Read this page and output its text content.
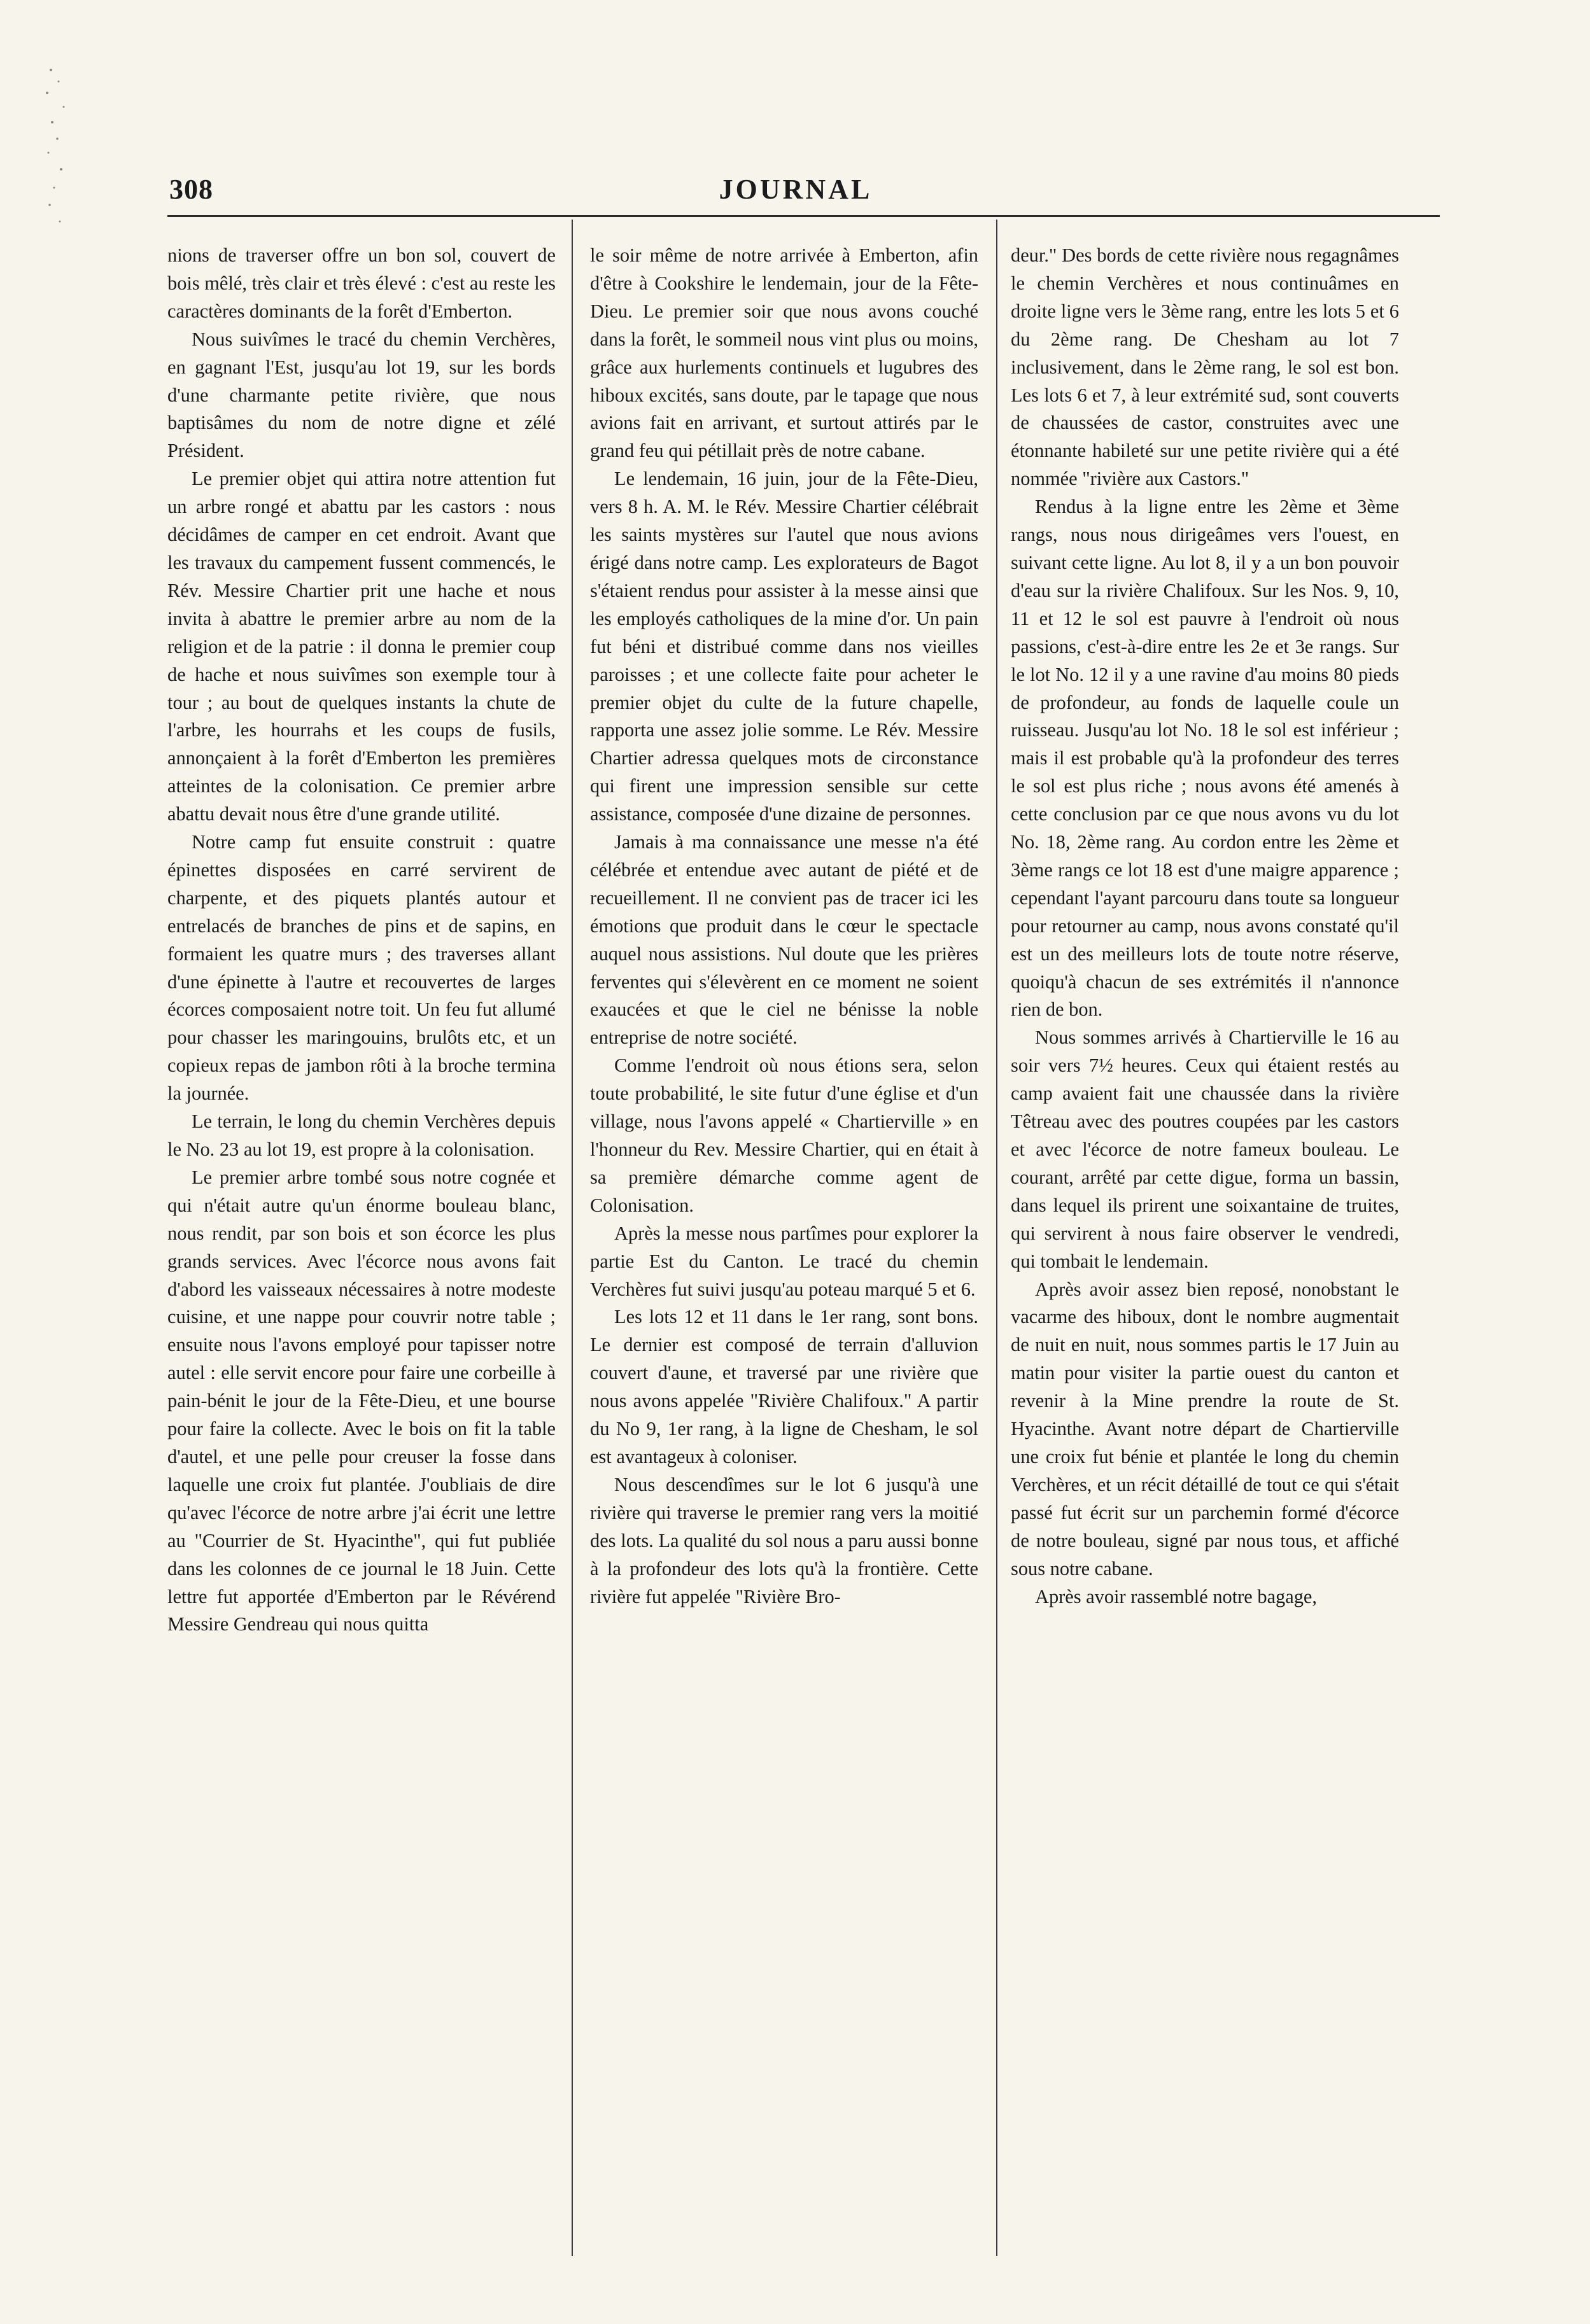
308	JOURNAL

nions de traverser offre un bon sol, couvert de bois mêlé, très clair et très élevé : c'est au reste les caractères dominants de la forêt d'Emberton.

Nous suivîmes le tracé du chemin Verchères, en gagnant l'Est, jusqu'au lot 19, sur les bords d'une charmante petite rivière, que nous baptisâmes du nom de notre digne et zélé Président.

Le premier objet qui attira notre attention fut un arbre rongé et abattu par les castors : nous décidâmes de camper en cet endroit. Avant que les travaux du campement fussent commencés, le Rév. Messire Chartier prit une hache et nous invita à abattre le premier arbre au nom de la religion et de la patrie : il donna le premier coup de hache et nous suivîmes son exemple tour à tour ; au bout de quelques instants la chute de l'arbre, les hourrahs et les coups de fusils, annonçaient à la forêt d'Emberton les premières atteintes de la colonisation. Ce premier arbre abattu devait nous être d'une grande utilité.

Notre camp fut ensuite construit : quatre épinettes disposées en carré servirent de charpente, et des piquets plantés autour et entrelacés de branches de pins et de sapins, en formaient les quatre murs ; des traverses allant d'une épinette à l'autre et recouvertes de larges écorces composaient notre toit. Un feu fut allumé pour chasser les maringouins, brulôts etc, et un copieux repas de jambon rôti à la broche termina la journée.

Le terrain, le long du chemin Verchères depuis le No. 23 au lot 19, est propre à la colonisation.

Le premier arbre tombé sous notre cognée et qui n'était autre qu'un énorme bouleau blanc, nous rendit, par son bois et son écorce les plus grands services. Avec l'écorce nous avons fait d'abord les vaisseaux nécessaires à notre modeste cuisine, et une nappe pour couvrir notre table ; ensuite nous l'avons employé pour tapisser notre autel : elle servit encore pour faire une corbeille à pain-bénit le jour de la Fête-Dieu, et une bourse pour faire la collecte. Avec le bois on fit la table d'autel, et une pelle pour creuser la fosse dans laquelle une croix fut plantée. J'oubliais de dire qu'avec l'écorce de notre arbre j'ai écrit une lettre au "Courrier de St. Hyacinthe", qui fut publiée dans les colonnes de ce journal le 18 Juin. Cette lettre fut apportée d'Emberton par le Révérend Messire Gendreau qui nous quitta

le soir même de notre arrivée à Emberton, afin d'être à Cookshire le lendemain, jour de la Fête-Dieu. Le premier soir que nous avons couché dans la forêt, le sommeil nous vint plus ou moins, grâce aux hurlements continuels et lugubres des hiboux excités, sans doute, par le tapage que nous avions fait en arrivant, et surtout attirés par le grand feu qui pétillait près de notre cabane.

Le lendemain, 16 juin, jour de la Fête-Dieu, vers 8 h. A. M. le Rév. Messire Chartier célébrait les saints mystères sur l'autel que nous avions érigé dans notre camp. Les explorateurs de Bagot s'étaient rendus pour assister à la messe ainsi que les employés catholiques de la mine d'or. Un pain fut béni et distribué comme dans nos vieilles paroisses ; et une collecte faite pour acheter le premier objet du culte de la future chapelle, rapporta une assez jolie somme. Le Rév. Messire Chartier adressa quelques mots de circonstance qui firent une impression sensible sur cette assistance, composée d'une dizaine de personnes.

Jamais à ma connaissance une messe n'a été célébrée et entendue avec autant de piété et de recueillement. Il ne convient pas de tracer ici les émotions que produit dans le cœur le spectacle auquel nous assistions. Nul doute que les prières ferventes qui s'élevèrent en ce moment ne soient exaucées et que le ciel ne bénisse la noble entreprise de notre société.

Comme l'endroit où nous étions sera, selon toute probabilité, le site futur d'une église et d'un village, nous l'avons appelé « Chartierville » en l'honneur du Rev. Messire Chartier, qui en était à sa première démarche comme agent de Colonisation.

Après la messe nous partîmes pour explorer la partie Est du Canton. Le tracé du chemin Verchères fut suivi jusqu'au poteau marqué 5 et 6.

Les lots 12 et 11 dans le 1er rang, sont bons. Le dernier est composé de terrain d'alluvion couvert d'aune, et traversé par une rivière que nous avons appelée "Rivière Chalifoux." A partir du No 9, 1er rang, à la ligne de Chesham, le sol est avantageux à coloniser.

Nous descendîmes sur le lot 6 jusqu'à une rivière qui traverse le premier rang vers la moitié des lots. La qualité du sol nous a paru aussi bonne à la profondeur des lots qu'à la frontière. Cette rivière fut appelée "Rivière Bro-

deur." Des bords de cette rivière nous regagnâmes le chemin Verchères et nous continuâmes en droite ligne vers le 3ème rang, entre les lots 5 et 6 du 2ème rang. De Chesham au lot 7 inclusivement, dans le 2ème rang, le sol est bon. Les lots 6 et 7, à leur extrémité sud, sont couverts de chaussées de castor, construites avec une étonnante habileté sur une petite rivière qui a été nommée "rivière aux Castors."

Rendus à la ligne entre les 2ème et 3ème rangs, nous nous dirigeâmes vers l'ouest, en suivant cette ligne. Au lot 8, il y a un bon pouvoir d'eau sur la rivière Chalifoux. Sur les Nos. 9, 10, 11 et 12 le sol est pauvre à l'endroit où nous passions, c'est-à-dire entre les 2e et 3e rangs. Sur le lot No. 12 il y a une ravine d'au moins 80 pieds de profondeur, au fonds de laquelle coule un ruisseau. Jusqu'au lot No. 18 le sol est inférieur ; mais il est probable qu'à la profondeur des terres le sol est plus riche ; nous avons été amenés à cette conclusion par ce que nous avons vu du lot No. 18, 2ème rang. Au cordon entre les 2ème et 3ème rangs ce lot 18 est d'une maigre apparence ; cependant l'ayant parcouru dans toute sa longueur pour retourner au camp, nous avons constaté qu'il est un des meilleurs lots de toute notre réserve, quoiqu'à chacun de ses extrémités il n'annonce rien de bon.

Nous sommes arrivés à Chartierville le 16 au soir vers 7½ heures. Ceux qui étaient restés au camp avaient fait une chaussée dans la rivière Têtreau avec des poutres coupées par les castors et avec l'écorce de notre fameux bouleau. Le courant, arrêté par cette digue, forma un bassin, dans lequel ils prirent une soixantaine de truites, qui servirent à nous faire observer le vendredi, qui tombait le lendemain.

Après avoir assez bien reposé, nonobstant le vacarme des hiboux, dont le nombre augmentait de nuit en nuit, nous sommes partis le 17 Juin au matin pour visiter la partie ouest du canton et revenir à la Mine prendre la route de St. Hyacinthe. Avant notre départ de Chartierville une croix fut bénie et plantée le long du chemin Verchères, et un récit détaillé de tout ce qui s'était passé fut écrit sur un parchemin formé d'écorce de notre bouleau, signé par nous tous, et affiché sous notre cabane.

Après avoir rassemblé notre bagage,
